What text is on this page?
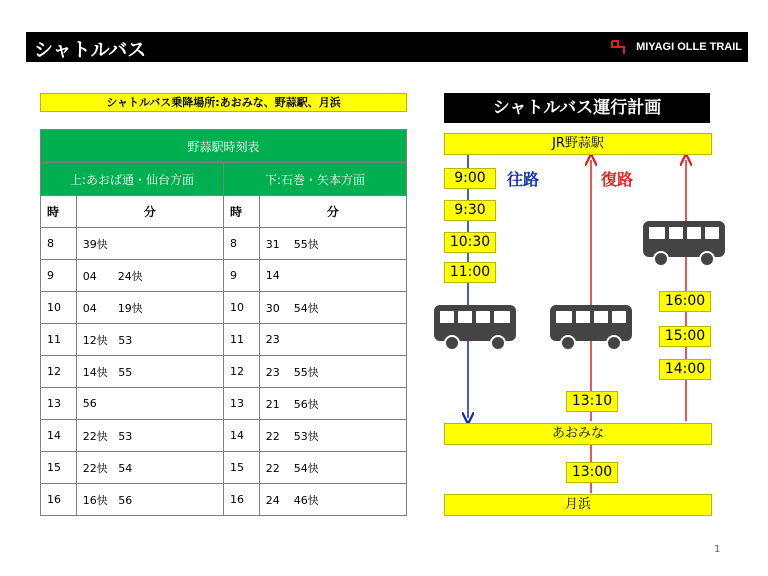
シャトルバス	MIYAGI OLLE TRAIL
シャトルバス乗降場所:あおみな、野蒜駅、月浜
野蒜駅時刻表			
上:あおば通・仙台方面		下:石巻・矢本方面	
時	分	時	分
8	39快	8	31    55快
9	04      24快	9	14
10	04      19快	10	30    54快
11	12快   53	11	23
12	14快   55	12	23    55快
13	56	13	21    56快
14	22快   53	14	22    53快
15	22快   54	15	22    54快
16	16快   56	16	24    46快
シャトルバス運行計画
JR野蒜駅
あおみな
月浜
往路	復路
9:00
9:30
10:30
11:00
16:00
15:00
14:00
13:10
13:00
1
